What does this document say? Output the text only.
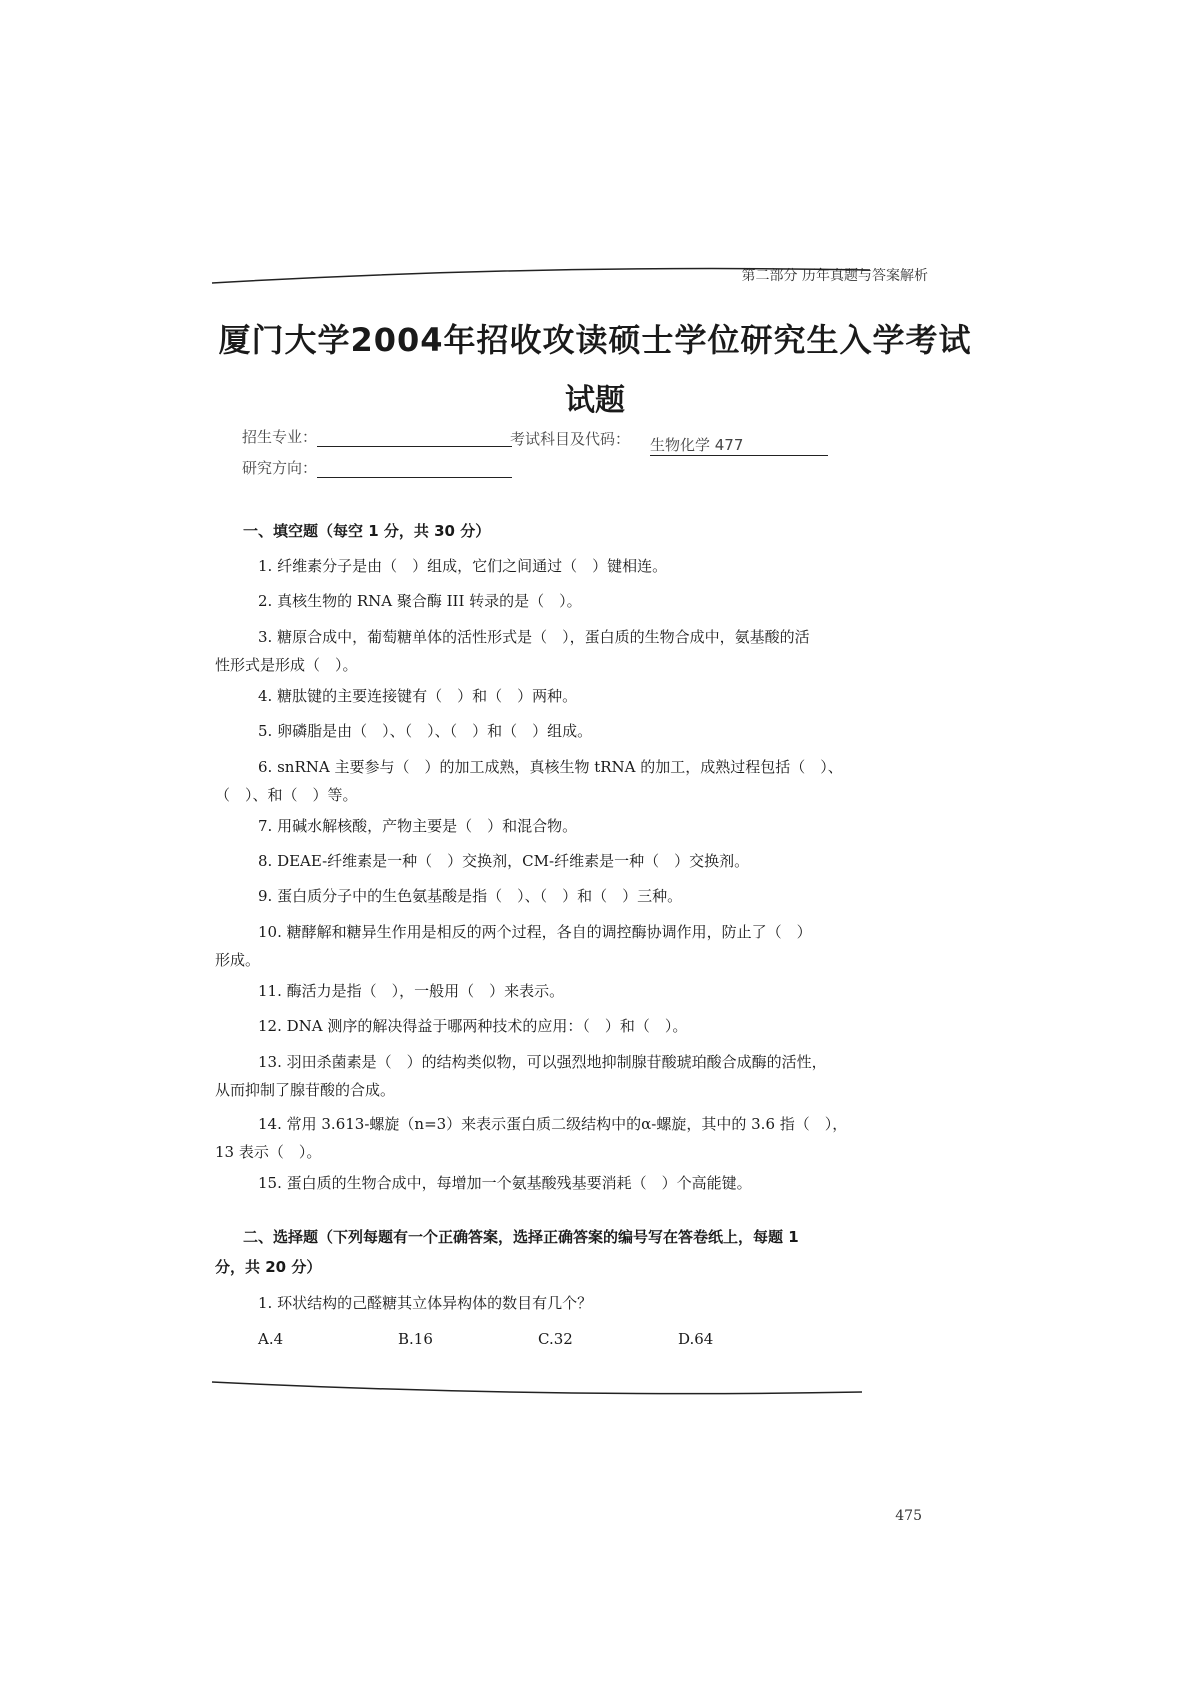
第二部分 历年真题与答案解析
厦门大学2004年招收攻读硕士学位研究生入学考试
试题
招生专业：	考试科目及代码： 生物化学 477
研究方向：
一、填空题（每空 1 分，共 30 分）
1. 纤维素分子是由（　）组成，它们之间通过（　）键相连。
2. 真核生物的 RNA 聚合酶 III 转录的是（　）。
3. 糖原合成中，葡萄糖单体的活性形式是（　），蛋白质的生物合成中，氨基酸的活
性形式是形成（　）。
4. 糖肽键的主要连接键有（　）和（　）两种。
5. 卵磷脂是由（　）、（　）、（　）和（　）组成。
6. snRNA 主要参与（　）的加工成熟，真核生物 tRNA 的加工，成熟过程包括（　）、
（　）、和（　）等。
7. 用碱水解核酸，产物主要是（　）和混合物。
8. DEAE-纤维素是一种（　）交换剂，CM-纤维素是一种（　）交换剂。
9. 蛋白质分子中的生色氨基酸是指（　）、（　）和（　）三种。
10. 糖酵解和糖异生作用是相反的两个过程，各自的调控酶协调作用，防止了（　）
形成。
11. 酶活力是指（　），一般用（　）来表示。
12. DNA 测序的解决得益于哪两种技术的应用：（　）和（　）。
13. 羽田杀菌素是（　）的结构类似物，可以强烈地抑制腺苷酸琥珀酸合成酶的活性，
从而抑制了腺苷酸的合成。
14. 常用 3.613-螺旋（n=3）来表示蛋白质二级结构中的α-螺旋，其中的 3.6 指（　），
13 表示（　）。
15. 蛋白质的生物合成中，每增加一个氨基酸残基要消耗（　）个高能键。
二、选择题（下列每题有一个正确答案，选择正确答案的编号写在答卷纸上，每题 1
分，共 20 分）
1. 环状结构的己醛糖其立体异构体的数目有几个？
A.4	B.16	C.32	D.64
475
